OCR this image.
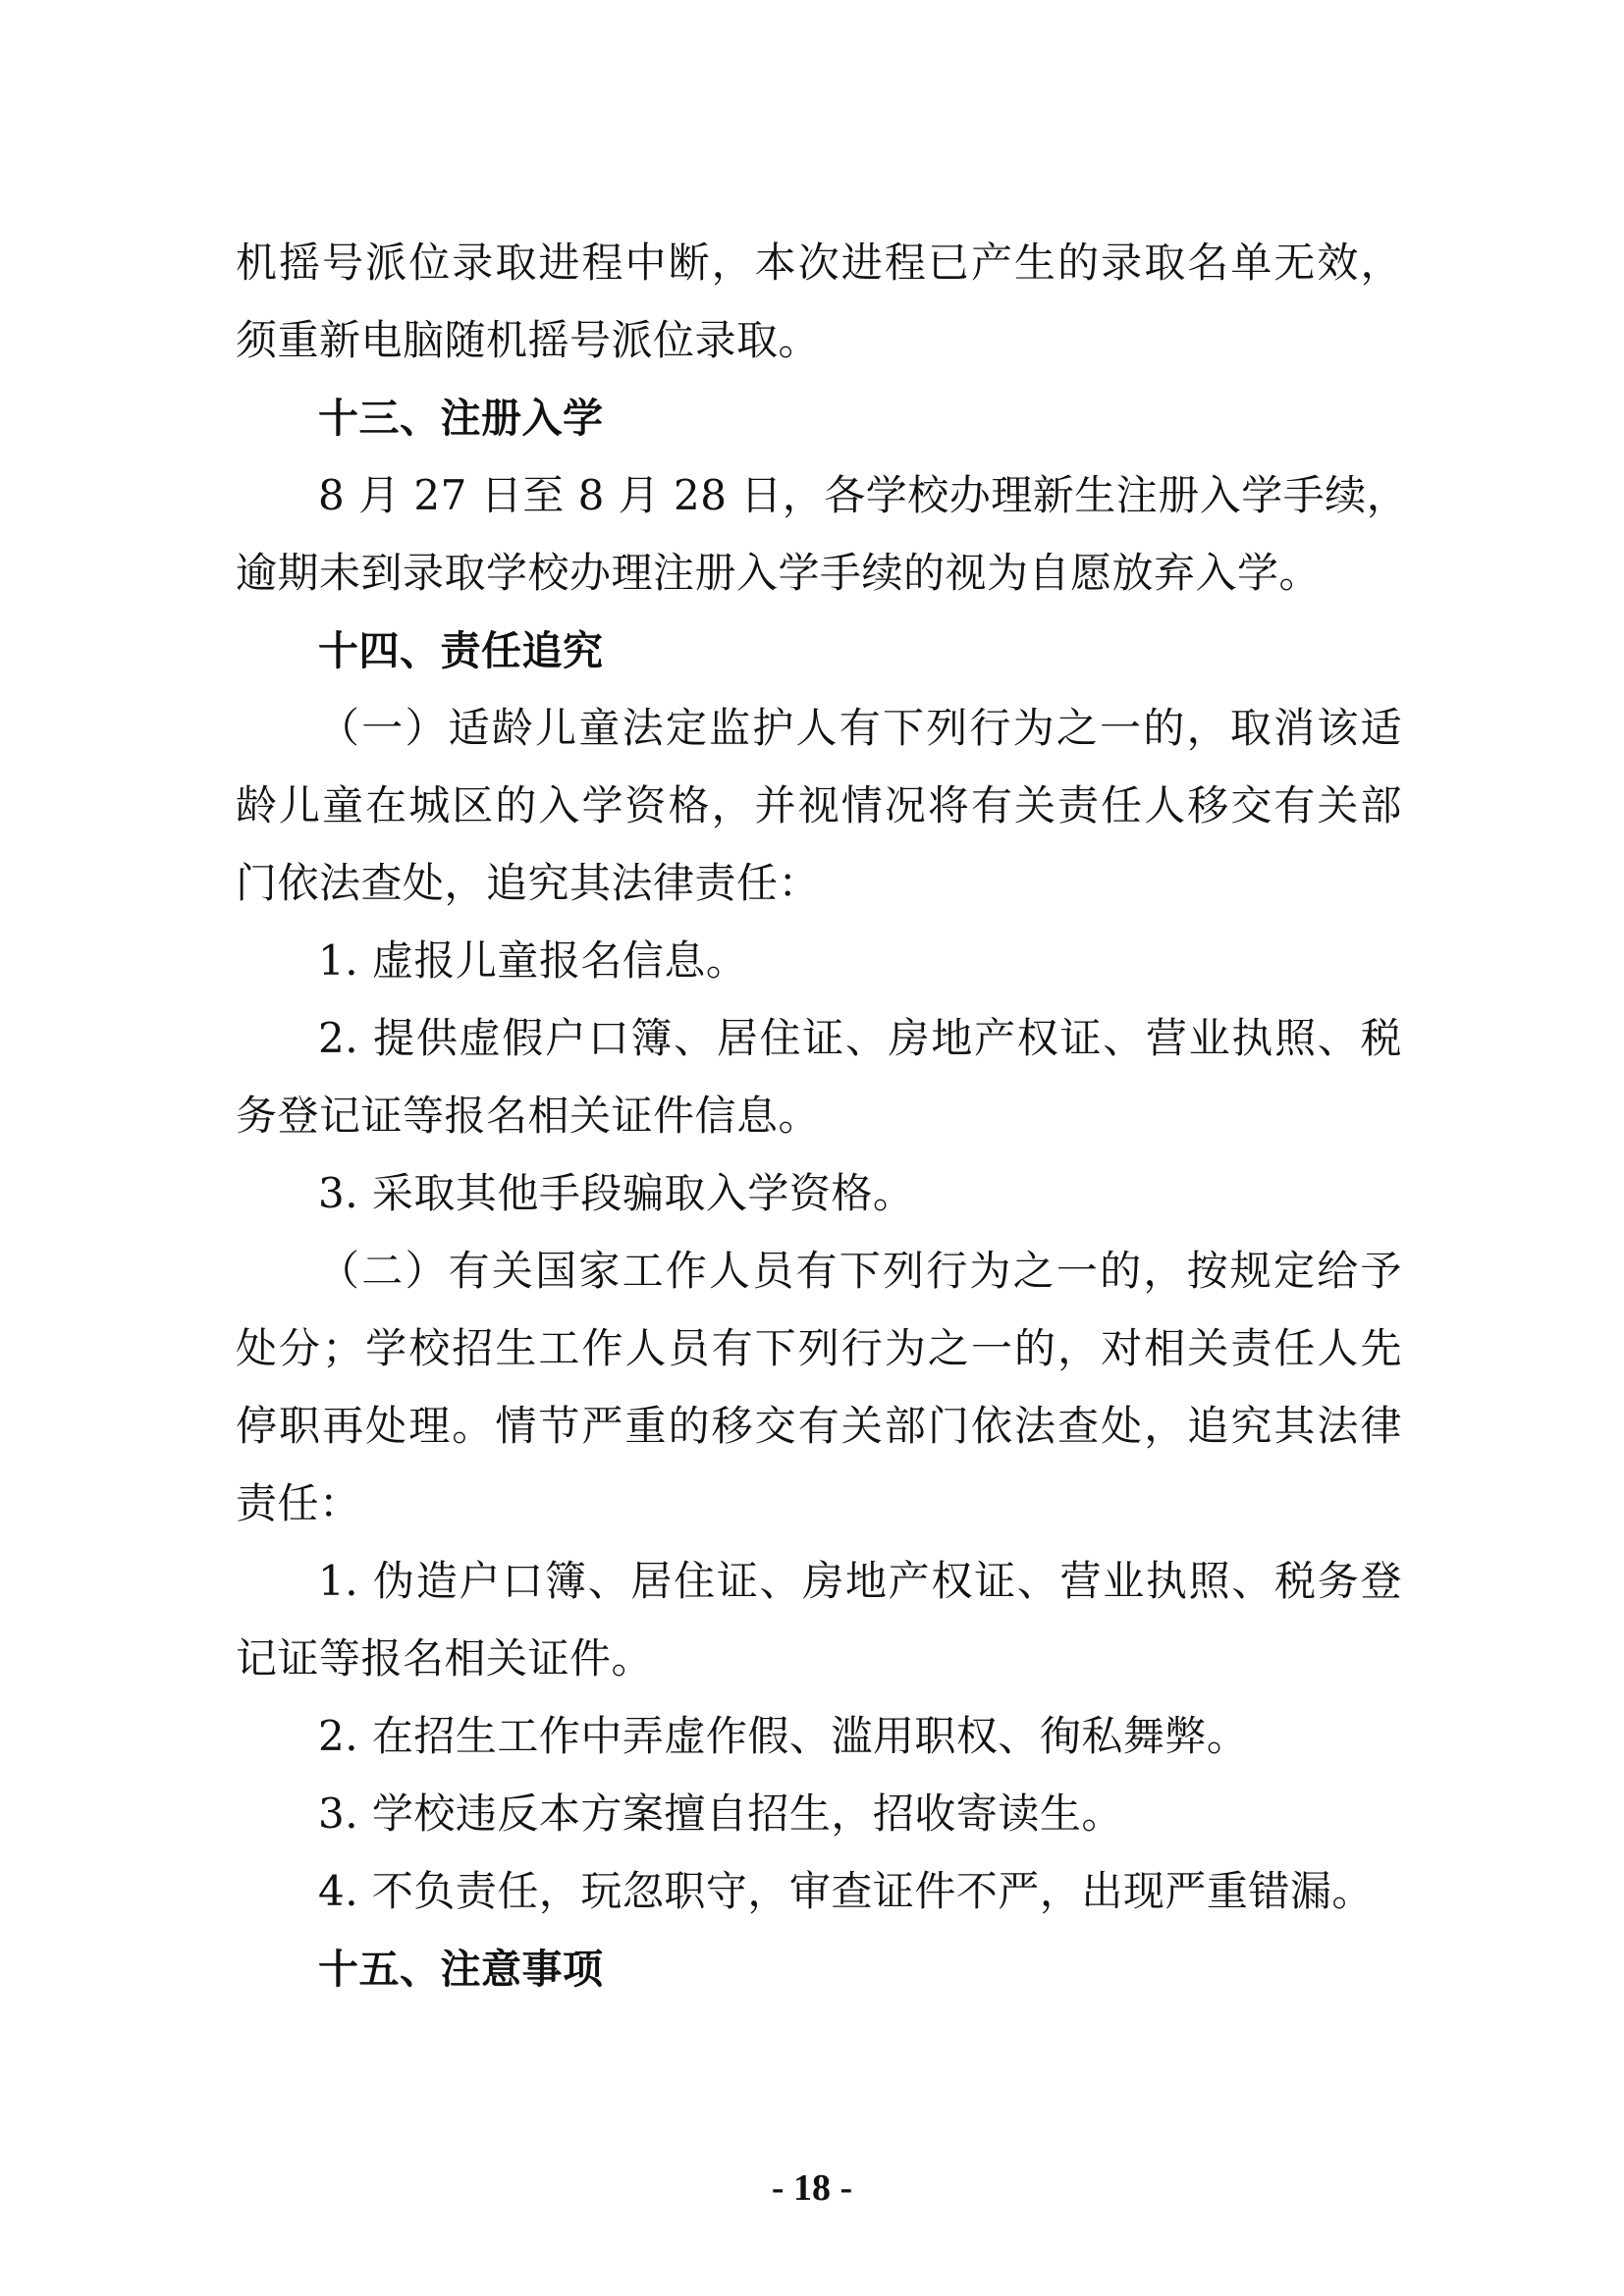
机摇号派位录取进程中断，本次进程已产生的录取名单无效，
须重新电脑随机摇号派位录取。
十三、注册入学
8 月 27 日至 8 月 28 日，各学校办理新生注册入学手续，
逾期未到录取学校办理注册入学手续的视为自愿放弃入学。
十四、责任追究
（一）适龄儿童法定监护人有下列行为之一的，取消该适
龄儿童在城区的入学资格，并视情况将有关责任人移交有关部
门依法查处，追究其法律责任：
1. 虚报儿童报名信息。
2. 提供虚假户口簿、居住证、房地产权证、营业执照、税
务登记证等报名相关证件信息。
3. 采取其他手段骗取入学资格。
（二）有关国家工作人员有下列行为之一的，按规定给予
处分；学校招生工作人员有下列行为之一的，对相关责任人先
停职再处理。情节严重的移交有关部门依法查处，追究其法律
责任：
1. 伪造户口簿、居住证、房地产权证、营业执照、税务登
记证等报名相关证件。
2. 在招生工作中弄虚作假、滥用职权、徇私舞弊。
3. 学校违反本方案擅自招生，招收寄读生。
4. 不负责任，玩忽职守，审查证件不严，出现严重错漏。
十五、注意事项
- 18 -
